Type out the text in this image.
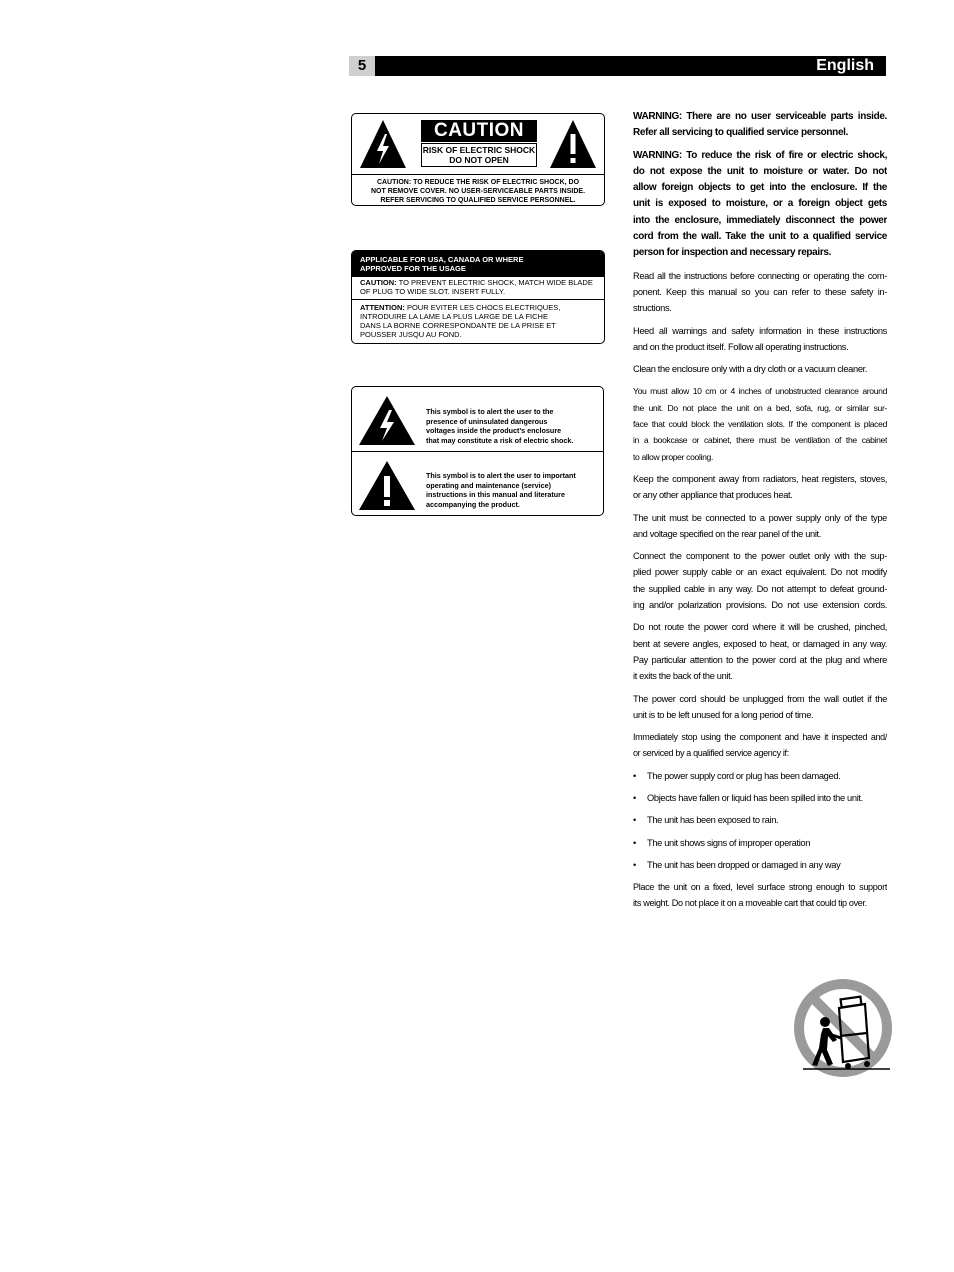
5	English
CAUTION
RISK OF ELECTRIC SHOCK
DO NOT OPEN
CAUTION: TO REDUCE THE RISK OF ELECTRIC SHOCK, DO
NOT REMOVE COVER. NO USER-SERVICEABLE PARTS INSIDE.
REFER SERVICING TO QUALIFIED SERVICE PERSONNEL.
APPLICABLE FOR USA, CANADA OR WHERE
APPROVED FOR THE USAGE
CAUTION: TO PREVENT ELECTRIC SHOCK, MATCH WIDE BLADE
OF PLUG TO WIDE SLOT. INSERT FULLY.
ATTENTION: POUR EVITER LES CHOCS ELECTRIQUES,
INTRODUIRE LA LAME LA PLUS LARGE DE LA FICHE
DANS LA BORNE CORRESPONDANTE DE LA PRISE ET
POUSSER JUSQU AU FOND.
This symbol is to alert the user to the
presence of uninsulated dangerous
voltages inside the product's enclosure
that may constitute a risk of electric shock.
This symbol is to alert the user to important
operating and maintenance (service)
instructions in this manual and literature
accompanying the product.
WARNING: There are no user serviceable parts inside.
Refer all servicing to qualified service personnel.
WARNING: To reduce the risk of fire or electric shock,
do not expose the unit to moisture or water. Do not
allow foreign objects to get into the enclosure. If the
unit is exposed to moisture, or a foreign object gets
into the enclosure, immediately disconnect the power
cord from the wall. Take the unit to a qualified service
person for inspection and necessary repairs.
Read all the instructions before connecting or operating the com-
ponent. Keep this manual so you can refer to these safety in-
structions.
Heed all warnings and safety information in these instructions
and on the product itself. Follow all operating instructions.
Clean the enclosure only with a dry cloth or a vacuum cleaner.
You must allow 10 cm or 4 inches of unobstructed clearance around
the unit. Do not place the unit on a bed, sofa, rug, or similar sur-
face that could block the ventilation slots. If the component is placed
in a bookcase or cabinet, there must be ventilation of the cabinet
to allow proper cooling.
Keep the component away from radiators, heat registers, stoves,
or any other appliance that produces heat.
The unit must be connected to a power supply only of the type
and voltage specified on the rear panel of the unit.
Connect the component to the power outlet only with the sup-
plied power supply cable or an exact equivalent. Do not modify
the supplied cable in any way. Do not attempt to defeat ground-
ing and/or polarization provisions. Do not use extension cords.
Do not route the power cord where it will be crushed, pinched,
bent at severe angles, exposed to heat, or damaged in any way.
Pay particular attention to the power cord at the plug and where
it exits the back of the unit.
The power cord should be unplugged from the wall outlet if the
unit is to be left unused for a long period of time.
Immediately stop using the component and have it inspected and/
or serviced by a qualified service agency if:
• The power supply cord or plug has been damaged.
• Objects have fallen or liquid has been spilled into the unit.
• The unit has been exposed to rain.
• The unit shows signs of improper operation
• The unit has been dropped or damaged in any way
Place the unit on a fixed, level surface strong enough to support
its weight. Do not place it on a moveable cart that could tip over.
